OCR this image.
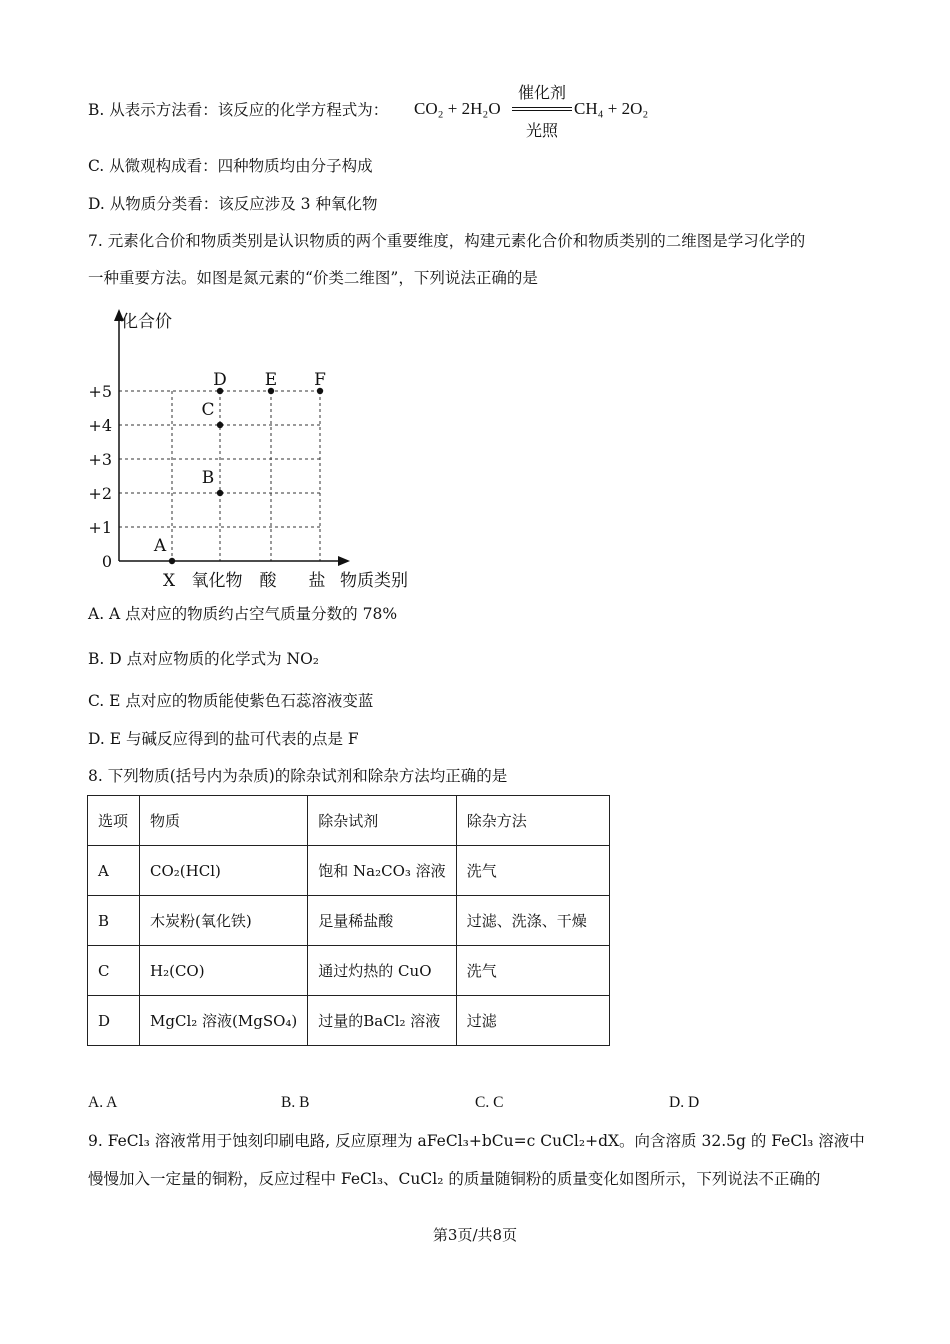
B. 从表示方法看：该反应的化学方程式为： CO₂ + 2H₂O
催化剂
光照
CH₄ + 2O₂
C. 从微观构成看：四种物质均由分子构成
D. 从物质分类看：该反应涉及 3 种氧化物
7. 元素化合价和物质类别是认识物质的两个重要维度，构建元素化合价和物质类别的二维图是学习化学的
一种重要方法。如图是氮元素的“价类二维图”，下列说法正确的是
化合价
0
+1
+2
+3
+4
+5
X 氧化物 酸 盐 物质类别
A
B
C
D E F
A. A 点对应的物质约占空气质量分数的 78%
B. D 点对应物质的化学式为 NO₂
C. E 点对应的物质能使紫色石蕊溶液变蓝
D. E 与碱反应得到的盐可代表的点是 F
8. 下列物质(括号内为杂质)的除杂试剂和除杂方法均正确的是
选项	物质	除杂试剂	除杂方法
A	CO₂(HCl)	饱和 Na₂CO₃ 溶液	洗气
B	木炭粉(氧化铁)	足量稀盐酸	过滤、洗涤、干燥
C	H₂(CO)	通过灼热的 CuO	洗气
D	MgCl₂ 溶液(MgSO₄)	过量的BaCl₂ 溶液	过滤
A. A	B. B	C. C	D. D
9. FeCl₃ 溶液常用于蚀刻印刷电路, 反应原理为 aFeCl₃+bCu=c CuCl₂+dX。向含溶质 32.5g 的 FeCl₃ 溶液中
慢慢加入一定量的铜粉，反应过程中 FeCl₃、CuCl₂ 的质量随铜粉的质量变化如图所示，下列说法不正确的
第3页/共8页
